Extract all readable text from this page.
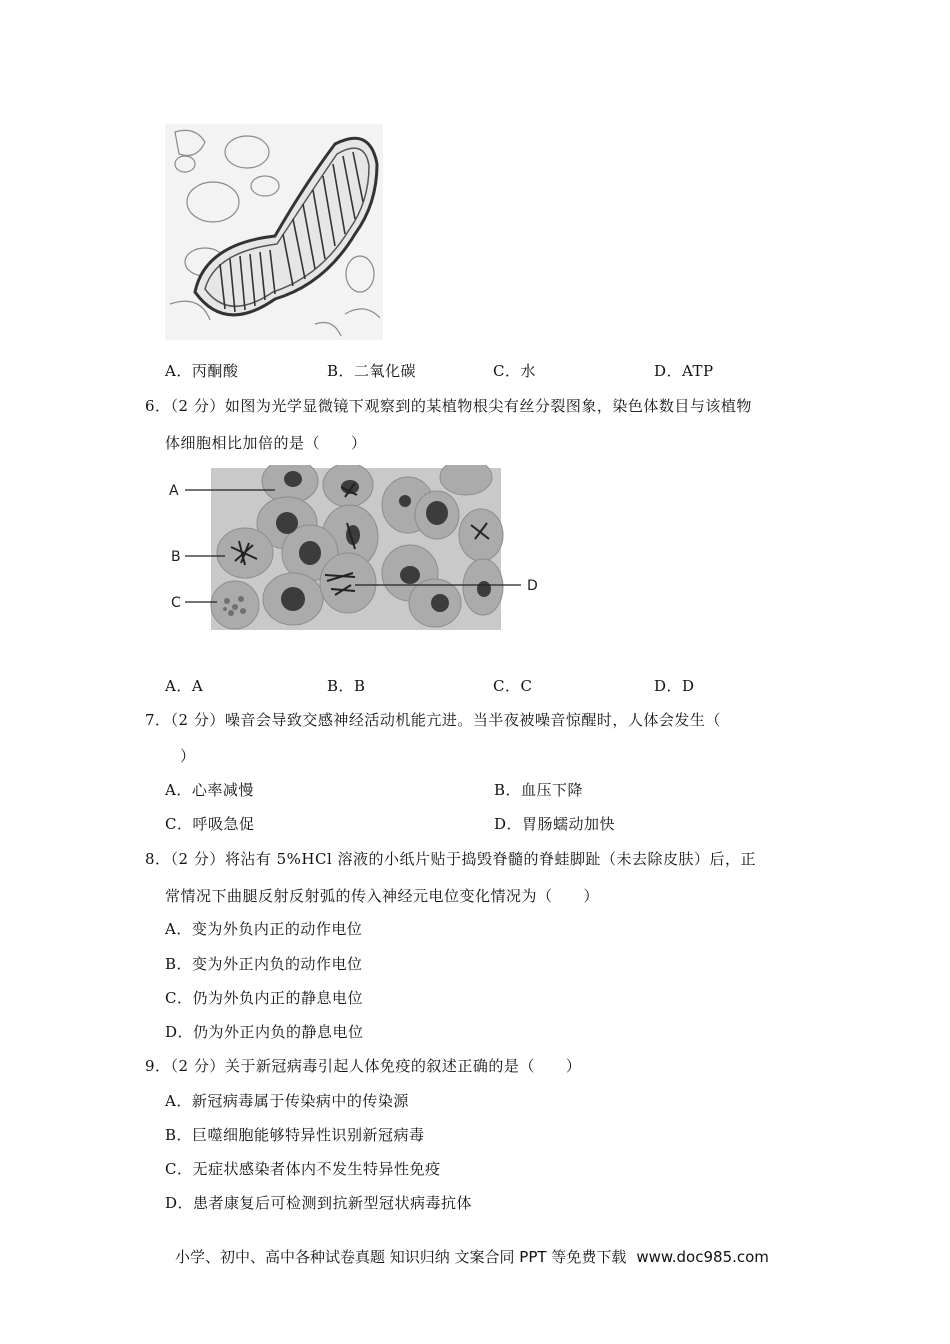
A．丙酮酸	B．二氧化碳	C．水	D．ATP
6．（2 分）如图为光学显微镜下观察到的某植物根尖有丝分裂图象，染色体数目与该植物
体细胞相比加倍的是（　　）
A
B
C
D
A．A	B．B	C．C	D．D
7．（2 分）噪音会导致交感神经活动机能亢进。当半夜被噪音惊醒时，人体会发生（
）
A．心率减慢	B．血压下降
C．呼吸急促	D．胃肠蠕动加快
8．（2 分）将沾有 5%HCl 溶液的小纸片贴于捣毁脊髓的脊蛙脚趾（未去除皮肤）后，正
常情况下曲腿反射反射弧的传入神经元电位变化情况为（　　）
A．变为外负内正的动作电位
B．变为外正内负的动作电位
C．仍为外负内正的静息电位
D．仍为外正内负的静息电位
9．（2 分）关于新冠病毒引起人体免疫的叙述正确的是（　　）
A．新冠病毒属于传染病中的传染源
B．巨噬细胞能够特异性识别新冠病毒
C．无症状感染者体内不发生特异性免疫
D．患者康复后可检测到抗新型冠状病毒抗体
小学、初中、高中各种试卷真题 知识归纳 文案合同 PPT 等免费下载 www.doc985.com
